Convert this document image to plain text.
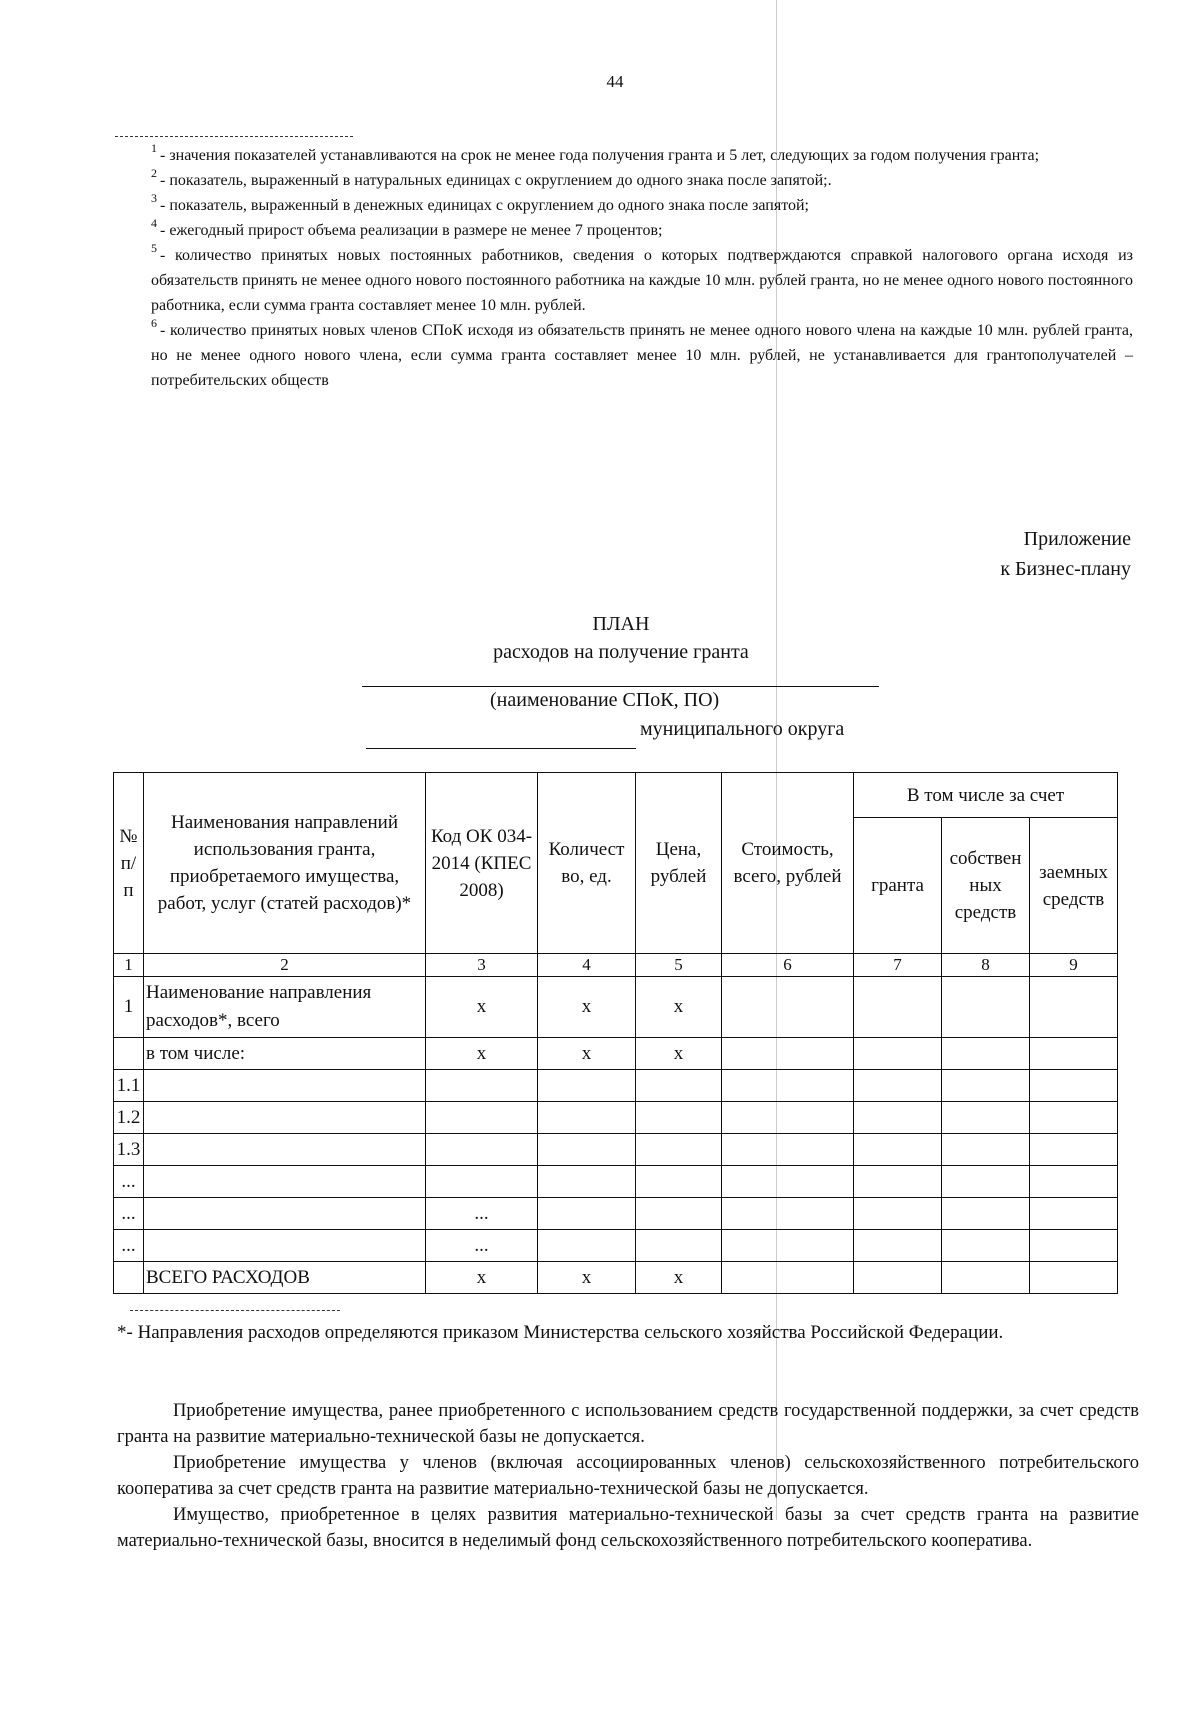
44

$^1$ - значения показателей устанавливаются на срок не менее года получения гранта и 5 лет, следующих за годом получения гранта;

$^2$ - показатель, выраженный в натуральных единицах с округлением до одного знака после запятой;.

$^3$ - показатель, выраженный в денежных единицах с округлением до одного знака после запятой;

$^4$ - ежегодный прирост объема реализации в размере не менее 7 процентов;

$^5$ - количество принятых новых постоянных работников, сведения о которых подтверждаются справкой налогового органа исходя из обязательств принять не менее одного нового постоянного работника на каждые 10 млн. рублей гранта, но не менее одного нового постоянного работника, если сумма гранта составляет менее 10 млн. рублей.

$^6$ - количество принятых новых членов СПоК исходя из обязательств принять не менее одного нового члена на каждые 10 млн. рублей гранта, но не менее одного нового члена, если сумма гранта составляет менее 10 млн. рублей, не устанавливается для грантополучателей – потребительских обществ

Приложение
к Бизнес-плану
ПЛАН
расходов на получение гранта
(наименование СПоК, ПО)
муниципального округа
№ п/п	Наименования направлений использования гранта, приобретаемого имущества, работ, услуг (статей расходов)*	Код ОК 034-2014 (КПЕС 2008)	Количест во, ед.	Цена, рублей	Стоимость, всего, рублей	В том числе за счет		
						гранта	собствен ных средств	заемных средств
1	2	3	4	5	6	7	8	9
1	Наименование направления расходов*, всего	х	х	х				
	в том числе:	х	х	х				
1.1								
1.2								
1.3								
...								
...		...						
...		...						
	ВСЕГО РАСХОДОВ	х	х	х				
*- Направления расходов определяются приказом Министерства сельского хозяйства Российской Федерации.

Приобретение имущества, ранее приобретенного с использованием средств государственной поддержки, за счет средств гранта на развитие материально-технической базы не допускается.

Приобретение имущества у членов (включая ассоциированных членов) сельскохозяйственного потребительского кооператива за счет средств гранта на развитие материально-технической базы не допускается.

Имущество, приобретенное в целях развития материально-технической базы за счет средств гранта на развитие материально-технической базы, вносится в неделимый фонд сельскохозяйственного потребительского кооператива.
